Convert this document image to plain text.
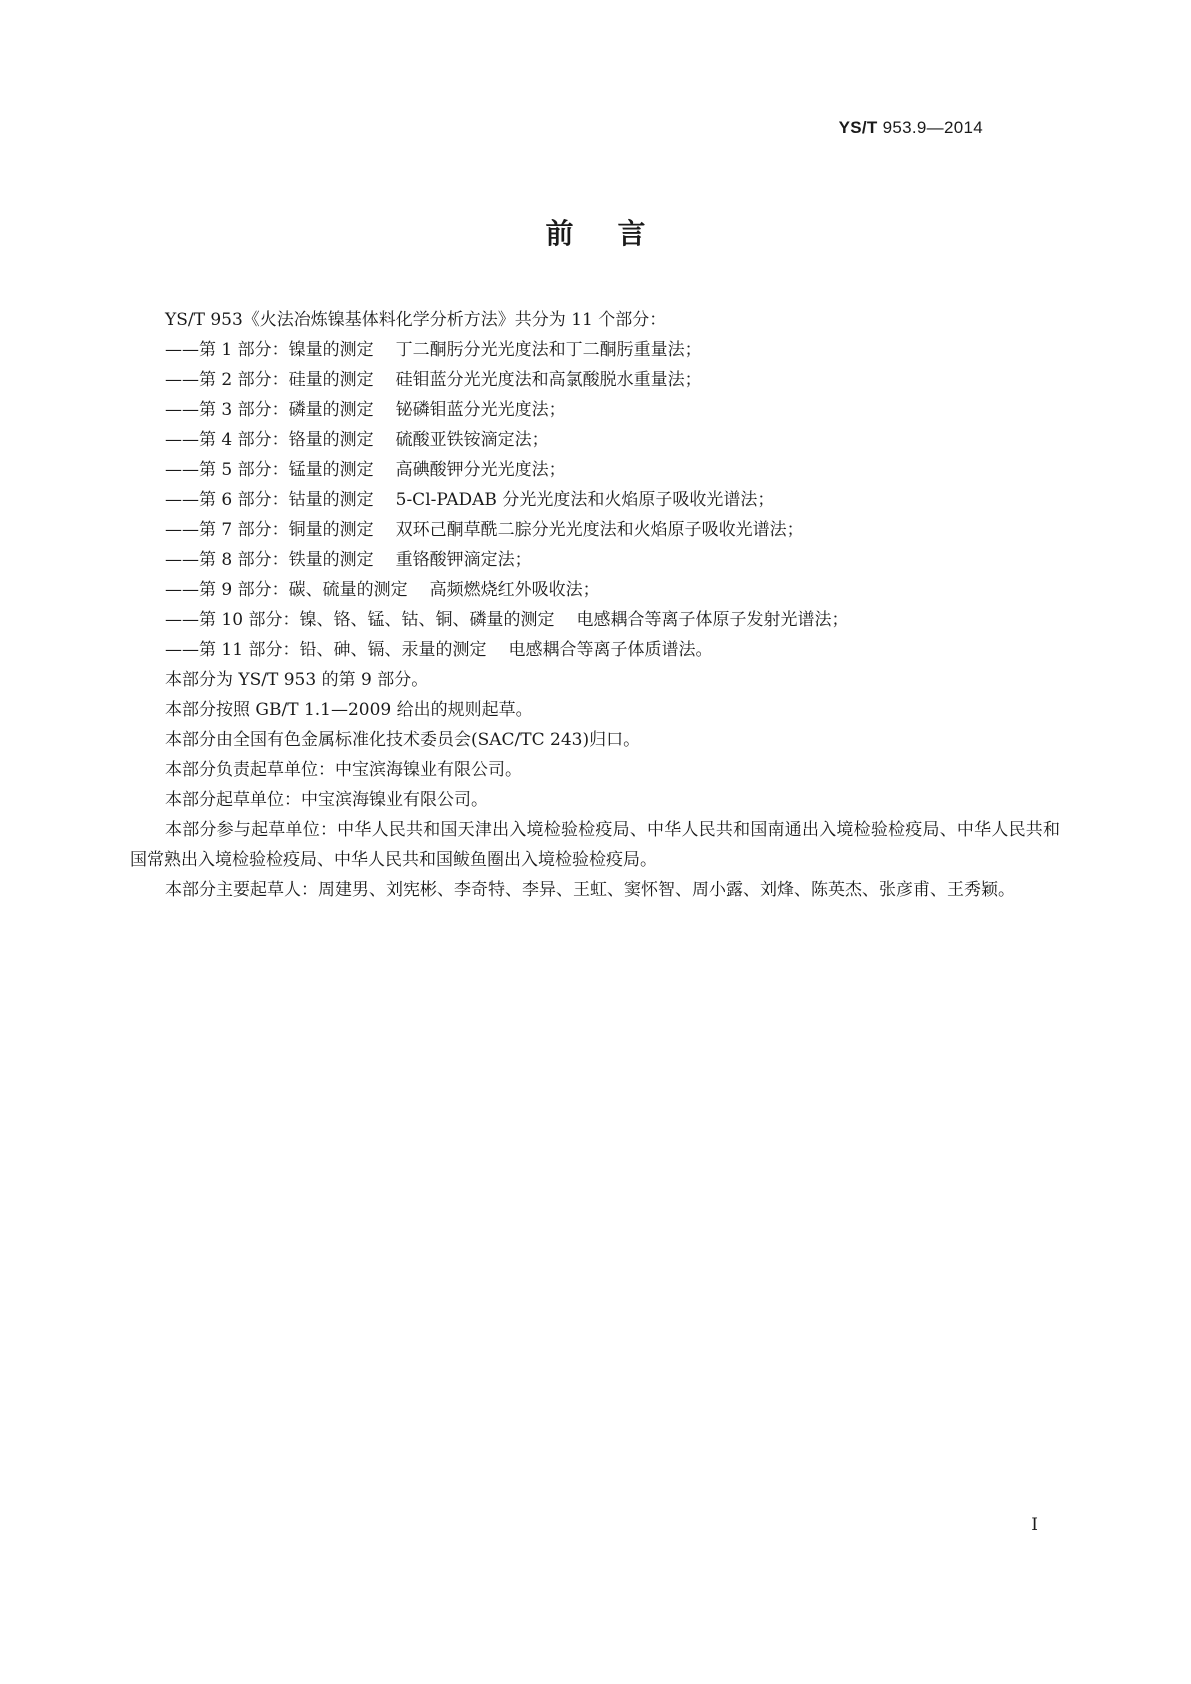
YS/T 953.9—2014
前言

YS/T 953《火法冶炼镍基体料化学分析方法》共分为 11 个部分：

——第 1 部分：镍量的测定 丁二酮肟分光光度法和丁二酮肟重量法；

——第 2 部分：硅量的测定 硅钼蓝分光光度法和高氯酸脱水重量法；

——第 3 部分：磷量的测定 铋磷钼蓝分光光度法；

——第 4 部分：铬量的测定 硫酸亚铁铵滴定法；

——第 5 部分：锰量的测定 高碘酸钾分光光度法；

——第 6 部分：钴量的测定 5-Cl-PADAB 分光光度法和火焰原子吸收光谱法；

——第 7 部分：铜量的测定 双环己酮草酰二腙分光光度法和火焰原子吸收光谱法；

——第 8 部分：铁量的测定 重铬酸钾滴定法；

——第 9 部分：碳、硫量的测定 高频燃烧红外吸收法；

——第 10 部分：镍、铬、锰、钴、铜、磷量的测定 电感耦合等离子体原子发射光谱法；

——第 11 部分：铅、砷、镉、汞量的测定 电感耦合等离子体质谱法。

本部分为 YS/T 953 的第 9 部分。

本部分按照 GB/T 1.1—2009 给出的规则起草。

本部分由全国有色金属标准化技术委员会(SAC/TC 243)归口。

本部分负责起草单位：中宝滨海镍业有限公司。

本部分起草单位：中宝滨海镍业有限公司。

本部分参与起草单位：中华人民共和国天津出入境检验检疫局、中华人民共和国南通出入境检验检疫局、中华人民共和国常熟出入境检验检疫局、中华人民共和国鲅鱼圈出入境检验检疫局。

本部分主要起草人：周建男、刘宪彬、李奇特、李异、王虹、窦怀智、周小露、刘烽、陈英杰、张彦甫、王秀颖。

I
